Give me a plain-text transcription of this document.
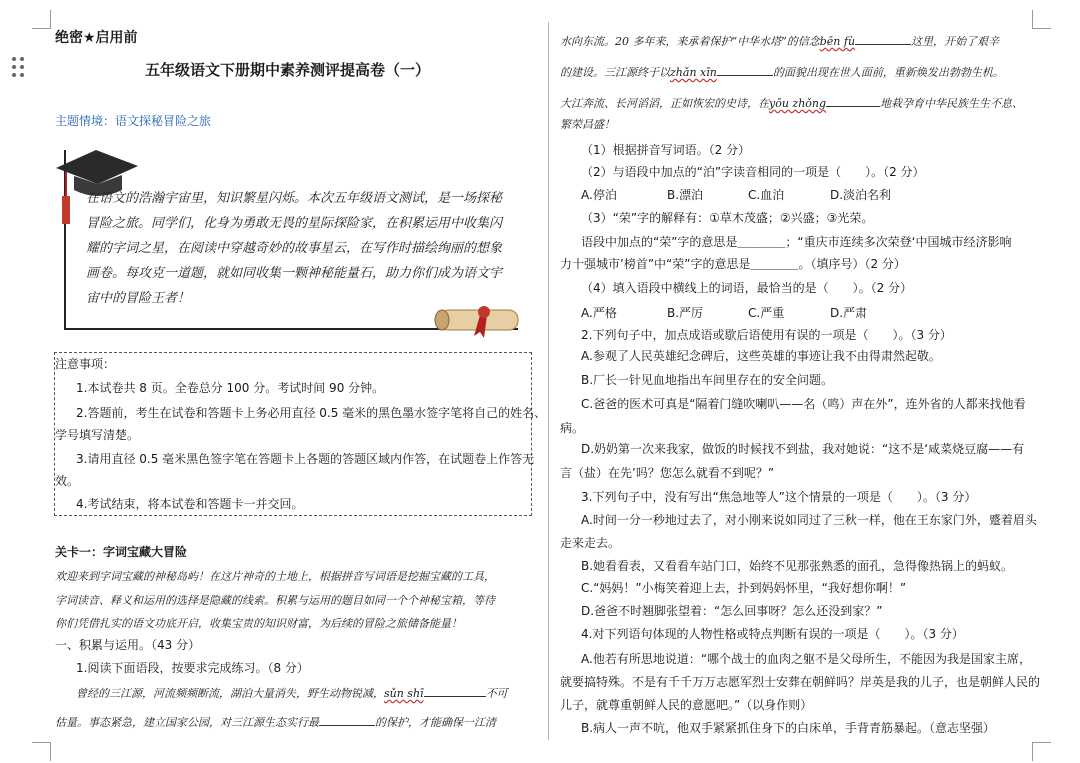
绝密★启用前
五年级语文下册期中素养测评提高卷（一）
主题情境：语文探秘冒险之旅
在语文的浩瀚宇宙里，知识繁星闪烁。本次五年级语文测试，是一场探秘冒险之旅。同学们，化身为勇敢无畏的星际探险家，在积累运用中收集闪耀的字词之星，在阅读中穿越奇妙的故事星云，在写作时描绘绚丽的想象画卷。每攻克一道题，就如同收集一颗神秘能量石，助力你们成为语文宇宙中的冒险王者！
注意事项：
1.本试卷共 8 页。全卷总分 100 分。考试时间 90 分钟。
2.答题前，考生在试卷和答题卡上务必用直径 0.5 毫米的黑色墨水签字笔将自己的姓名、
学号填写清楚。
3.请用直径 0.5 毫米黑色签字笔在答题卡上各题的答题区域内作答，在试题卷上作答无
效。
4.考试结束，将本试卷和答题卡一并交回。
关卡一：字词宝藏大冒险
欢迎来到字词宝藏的神秘岛屿！在这片神奇的土地上，根据拼音写词语是挖掘宝藏的工具，
字词读音、释义和运用的选择是隐藏的线索。积累与运用的题目如同一个个神秘宝箱，等待
你们凭借扎实的语文功底开启，收集宝贵的知识财富，为后续的冒险之旅储备能量！
一、积累与运用。（43 分）
1.阅读下面语段，按要求完成练习。（8 分）
曾经的三江源，河流频频断流，湖泊大量消失，野生动物锐减，sǔn shī	不可
估量。事态紧急，建立国家公园，对三江源生态实行最	的保护，才能确保一江清
水向东流。20 多年来，来承着保护“中华水塔”的信念bēn fù	这里，开始了艰辛
的建设。三江源终于以zhǎn xīn	的面貌出现在世人面前，重新焕发出勃勃生机。
大江奔流、长河滔滔，正如恢宏的史诗，在yōu zhǒng	地栽孕育中华民族生生不息、
繁荣昌盛！
（1）根据拼音写词语。（2 分）
（2）与语段中加点的“泊”字读音相同的一项是（　　）。（2 分）
A.停泊	B.漂泊	C.血泊	D.淡泊名利
（3）“荣”字的解释有：①草木茂盛；②兴盛；③光荣。
语段中加点的“荣”字的意思是＿＿＿＿；“重庆市连续多次荣登‘中国城市经济影响
力十强城市’榜首”中“荣”字的意思是＿＿＿＿。（填序号）（2 分）
（4）填入语段中横线上的词语，最恰当的是（　　）。（2 分）
A.严格	B.严厉	C.严重	D.严肃
2.下列句子中，加点成语或歇后语使用有误的一项是（　　）。（3 分）
A.参观了人民英雄纪念碑后，这些英雄的事迹让我不由得肃然起敬。
B.厂长一针见血地指出车间里存在的安全问题。
C.爸爸的医术可真是“隔着门缝吹喇叭——名（鸣）声在外”，连外省的人都来找他看
病。
D.奶奶第一次来我家，做饭的时候找不到盐，我对她说：“这不是‘咸菜烧豆腐——有
言（盐）在先’吗？您怎么就看不到呢？”
3.下列句子中，没有写出“焦急地等人”这个情景的一项是（　　）。（3 分）
A.时间一分一秒地过去了，对小刚来说如同过了三秋一样，他在王东家门外，蹙着眉头
走来走去。
B.她看看表，又看看车站门口，始终不见那张熟悉的面孔，急得像热锅上的蚂蚁。
C.“妈妈！”小梅笑着迎上去，扑到妈妈怀里，“我好想你啊！”
D.爸爸不时翘脚张望着：“怎么回事呀？怎么还没到家？”
4.对下列语句体现的人物性格或特点判断有误的一项是（　　）。（3 分）
A.他若有所思地说道：“哪个战士的血肉之躯不是父母所生，不能因为我是国家主席，
就要搞特殊。不是有千千万万志愿军烈士安葬在朝鲜吗？岸英是我的儿子，也是朝鲜人民的
儿子，就尊重朝鲜人民的意愿吧。”（以身作则）
B.病人一声不吭，他双手紧紧抓住身下的白床单，手背青筋暴起。（意志坚强）
